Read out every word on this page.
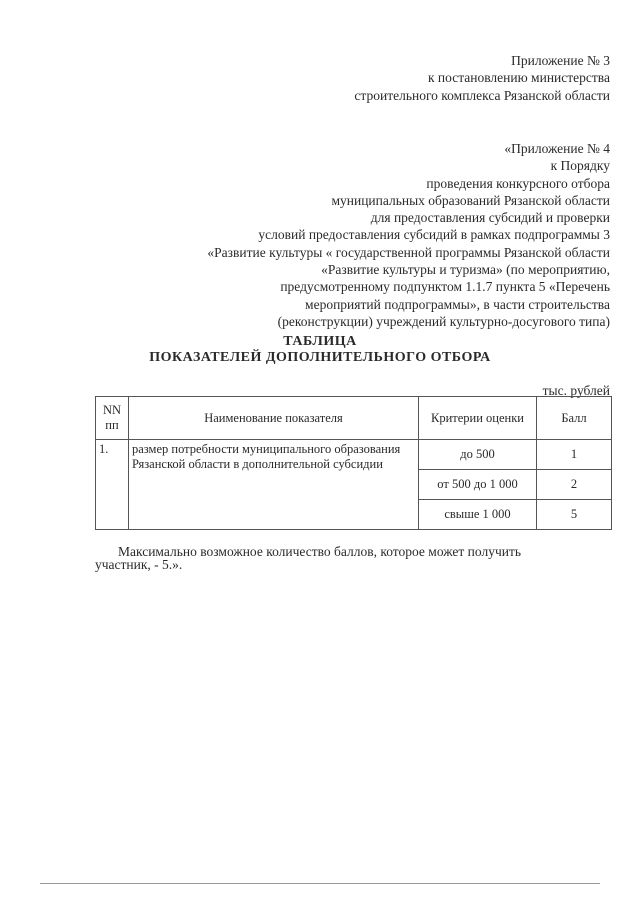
Приложение № 3
к постановлению министерства
строительного комплекса Рязанской области
«Приложение № 4
к Порядку
проведения конкурсного отбора
муниципальных образований Рязанской области
для предоставления субсидий и проверки
условий предоставления субсидий в рамках подпрограммы 3
«Развитие культуры « государственной программы Рязанской области
«Развитие культуры и туризма» (по мероприятию,
предусмотренному подпунктом 1.1.7 пункта 5 «Перечень
мероприятий подпрограммы», в части строительства
(реконструкции) учреждений культурно-досугового типа)
ТАБЛИЦА
ПОКАЗАТЕЛЕЙ ДОПОЛНИТЕЛЬНОГО ОТБОРА
тыс. рублей
NN пп	Наименование показателя	Критерии оценки	Балл
1.	размер потребности муниципального образования Рязанской области в дополнительной субсидии	до 500	1
		от 500 до 1 000	2
		свыше 1 000	5
Максимально возможное количество баллов, которое может получить
участник, - 5.».
